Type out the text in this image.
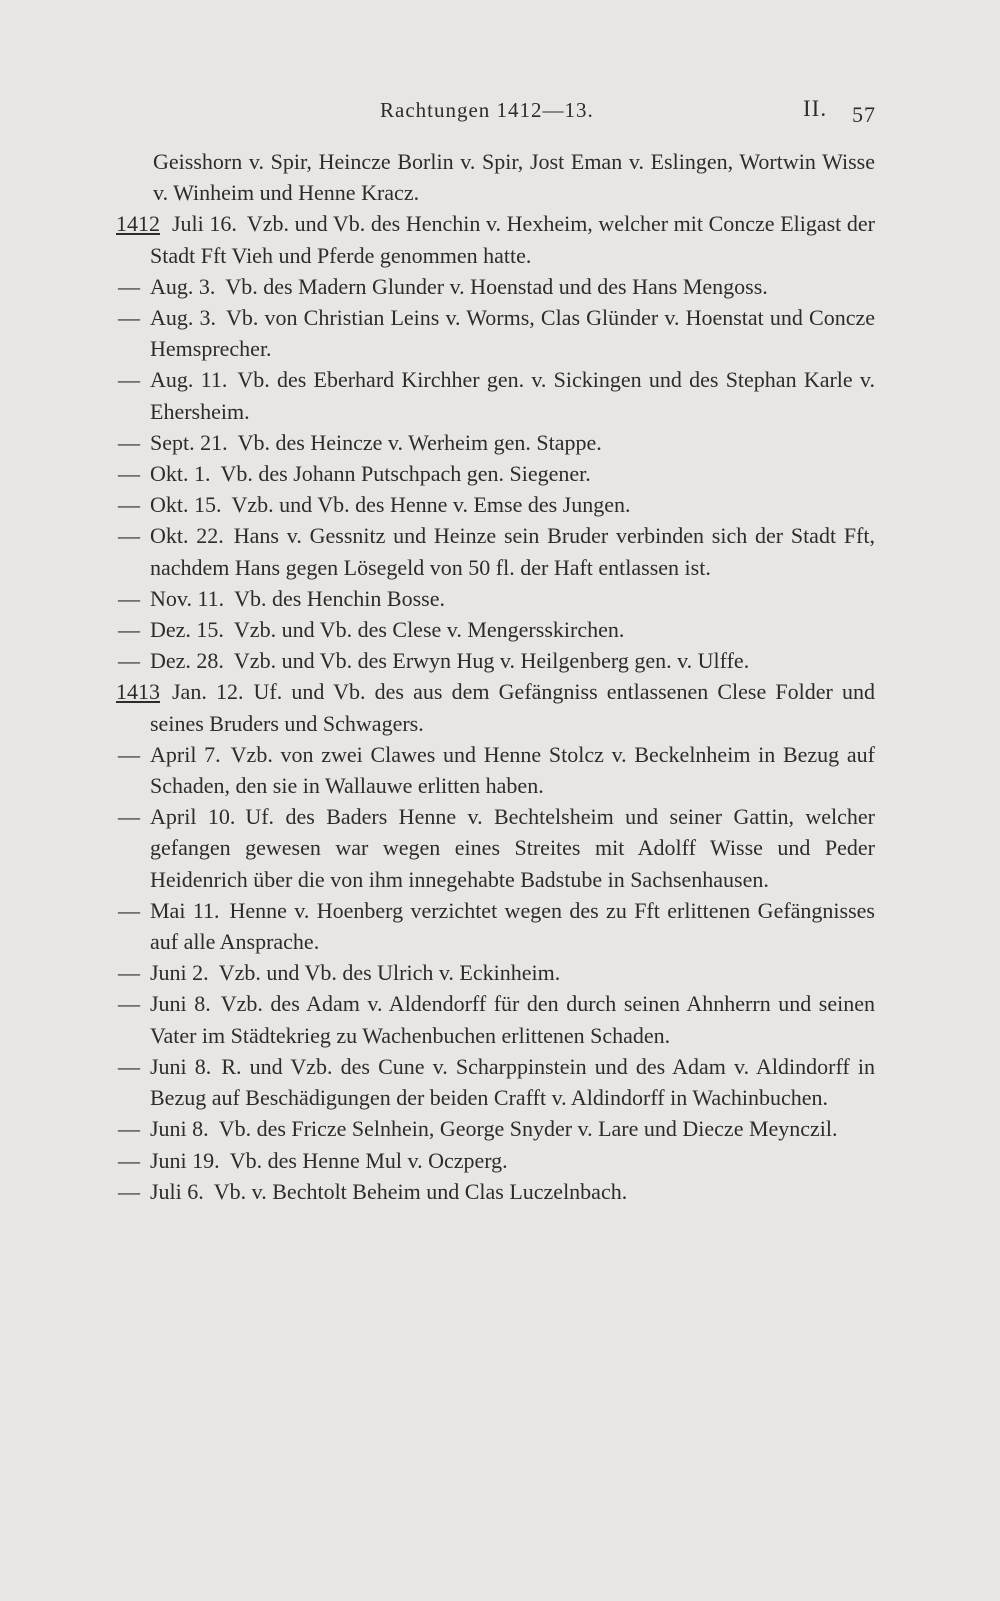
Rachtungen 1412—13.	II. 57
Geisshorn v. Spir, Heincze Borlin v. Spir, Jost Eman v. Eslingen, Wortwin Wisse v. Winheim und Henne Kracz.
1412 Juli 16. Vzb. und Vb. des Henchin v. Hexheim, welcher mit Concze Eligast der Stadt Fft Vieh und Pferde genommen hatte.
— Aug. 3. Vb. des Madern Glunder v. Hoenstad und des Hans Mengoss.
— Aug. 3. Vb. von Christian Leins v. Worms, Clas Glünder v. Hoenstat und Concze Hemsprecher.
— Aug. 11. Vb. des Eberhard Kirchher gen. v. Sickingen und des Stephan Karle v. Ehersheim.
— Sept. 21. Vb. des Heincze v. Werheim gen. Stappe.
— Okt. 1. Vb. des Johann Putschpach gen. Siegener.
— Okt. 15. Vzb. und Vb. des Henne v. Emse des Jungen.
— Okt. 22. Hans v. Gessnitz und Heinze sein Bruder verbinden sich der Stadt Fft, nachdem Hans gegen Lösegeld von 50 fl. der Haft entlassen ist.
— Nov. 11. Vb. des Henchin Bosse.
— Dez. 15. Vzb. und Vb. des Clese v. Mengersskirchen.
— Dez. 28. Vzb. und Vb. des Erwyn Hug v. Heilgenberg gen. v. Ulffe.
1413 Jan. 12. Uf. und Vb. des aus dem Gefängniss entlassenen Clese Folder und seines Bruders und Schwagers.
— April 7. Vzb. von zwei Clawes und Henne Stolcz v. Beckelnheim in Bezug auf Schaden, den sie in Wallauwe erlitten haben.
— April 10. Uf. des Baders Henne v. Bechtelsheim und seiner Gattin, welcher gefangen gewesen war wegen eines Streites mit Adolff Wisse und Peder Heidenrich über die von ihm innegehabte Badstube in Sachsenhausen.
— Mai 11. Henne v. Hoenberg verzichtet wegen des zu Fft erlittenen Gefängnisses auf alle Ansprache.
— Juni 2. Vzb. und Vb. des Ulrich v. Eckinheim.
— Juni 8. Vzb. des Adam v. Aldendorff für den durch seinen Ahnherrn und seinen Vater im Städtekrieg zu Wachenbuchen erlittenen Schaden.
— Juni 8. R. und Vzb. des Cune v. Scharppinstein und des Adam v. Aldindorff in Bezug auf Beschädigungen der beiden Crafft v. Aldindorff in Wachinbuchen.
— Juni 8. Vb. des Fricze Selnhein, George Snyder v. Lare und Diecze Meynczil.
— Juni 19. Vb. des Henne Mul v. Oczperg.
— Juli 6. Vb. v. Bechtolt Beheim und Clas Luczelnbach.
